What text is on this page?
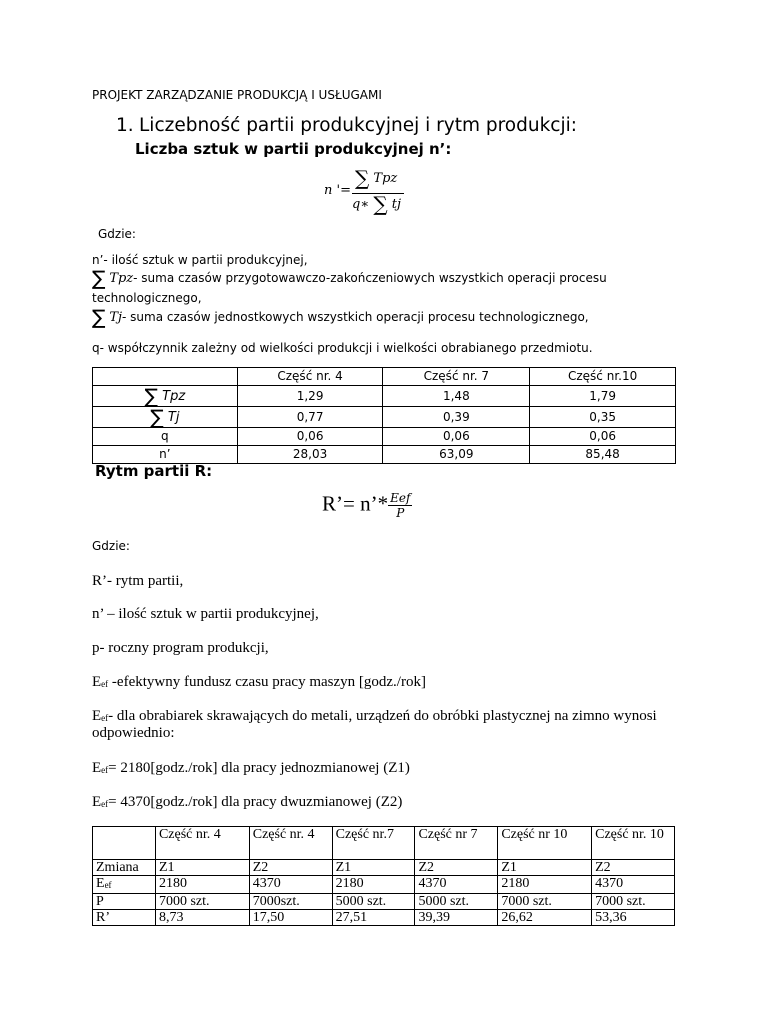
PROJEKT ZARZĄDZANIE PRODUKCJĄ I USŁUGAMI
1. Liczebność partii produkcyjnej i rytm produkcji:
Liczba sztuk w partii produkcyjnej n’:
n '=
∑ Tpz
q∗ ∑ tj
Gdzie:
n’- ilość sztuk w partii produkcyjnej,
∑ Tpz- suma czasów przygotowawczo-zakończeniowych wszystkich operacji procesu
technologicznego,
∑ Tj- suma czasów jednostkowych wszystkich operacji procesu technologicznego,
q- współczynnik zależny od wielkości produkcji i wielkości obrabianego przedmiotu.
	Część nr. 4	Część nr. 7	Część nr.10
∑ Tpz	1,29	1,48	1,79
∑ Tj	0,77	0,39	0,35
q	0,06	0,06	0,06
n’	28,03	63,09	85,48
Rytm partii R:
R’= n’* $\frac{\text{Eef}}{P}$
Gdzie:
R’- rytm partii,
n’ – ilość sztuk w partii produkcyjnej,
p- roczny program produkcji,
$E_{ef}$ -efektywny fundusz czasu pracy maszyn [godz./rok]
$E_{ef}-$ dla obrabiarek skrawających do metali, urządzeń do obróbki plastycznej na zimno wynosi
odpowiednio:
$E_{ef}=$ 2180[godz./rok] dla pracy jednozmianowej (Z1)
$E_{ef}=$ 4370[godz./rok] dla pracy dwuzmianowej (Z2)
	Część nr. 4	Część nr. 4	Część nr.7	Część nr 7	Część nr 10	Część nr. 10
Zmiana	Z1	Z2	Z1	Z2	Z1	Z2
$E_{ef}$	2180	4370	2180	4370	2180	4370
P	7000 szt.	7000szt.	5000 szt.	5000 szt.	7000 szt.	7000 szt.
R’	8,73	17,50	27,51	39,39	26,62	53,36
